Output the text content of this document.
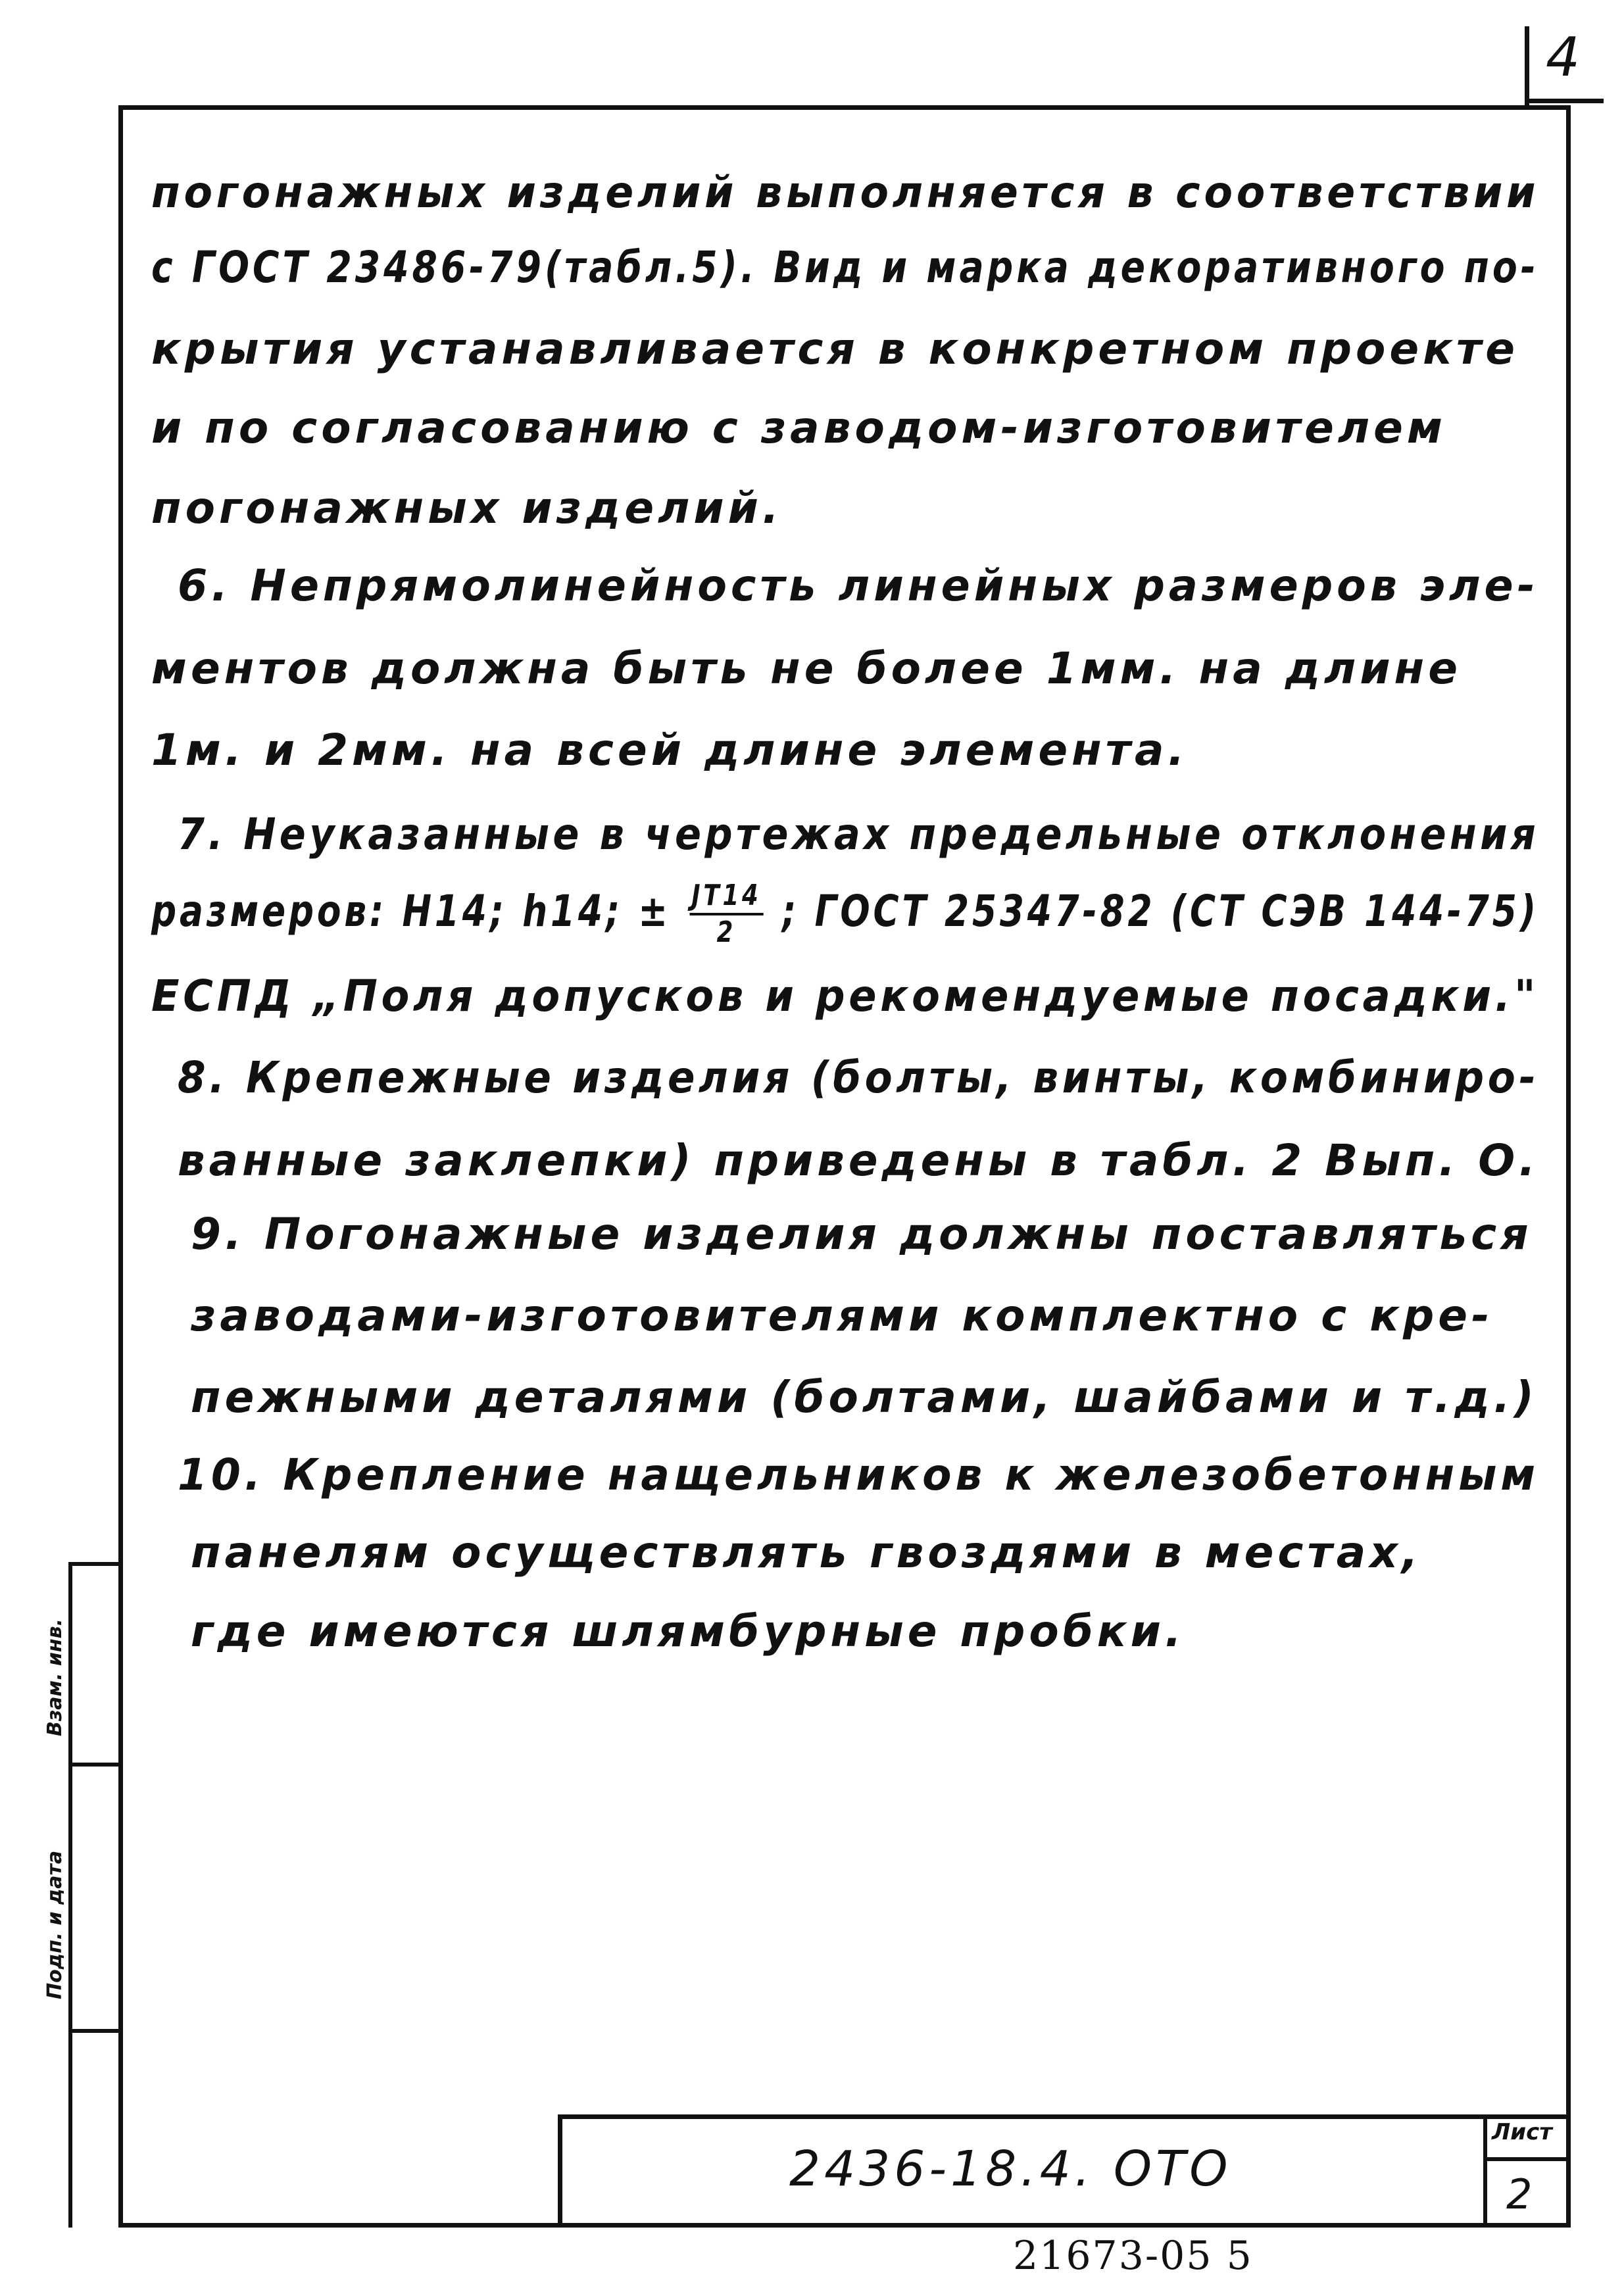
4
Взам. инв.
Подп. и дата
погонажных изделий выполняется в соответствии
с ГОСТ 23486-79(табл.5). Вид и марка декоративного по-
крытия устанавливается в конкретном проекте
и по согласованию с заводом-изготовителем
погонажных изделий.
6. Непрямолинейность линейных размеров эле-
ментов должна быть не более 1мм. на длине
1м. и 2мм. на всей длине элемента.
7. Неуказанные в чертежах предельные отклонения
размеров: Н14; h14; ± $\frac{JT14}{2}$ ; ГОСТ 25347-82 (СТ СЭВ 144-75)
ЕСПД „Поля допусков и рекомендуемые посадки."
8. Крепежные изделия (болты, винты, комбиниро-
ванные заклепки) приведены в табл. 2 Вып. О.
9. Погонажные изделия должны поставляться
заводами-изготовителями комплектно с кре-
пежными деталями (болтами, шайбами и т.д.)
10. Крепление нащельников к железобетонным
панелям осуществлять гвоздями в местах,
где имеются шлямбурные пробки.
2436-18.4. ОТО
Лист
2
21673-05 5
